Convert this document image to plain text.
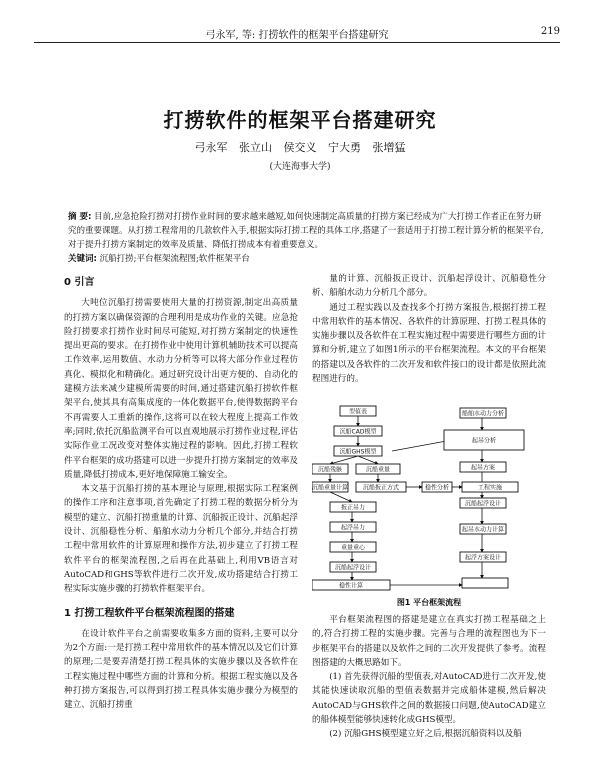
弓永军, 等: 打捞软件的框架平台搭建研究	219
打捞软件的框架平台搭建研究
弓永军 张立山 侯交义 宁大勇 张增猛
(大连海事大学)
摘 要: 目前,应急抢险打捞对打捞作业时间的要求越来越短,如何快速制定高质量的打捞方案已经成为广大打捞工作者正在努力研究的重要课题。从打捞工程常用的几款软件入手,根据实际打捞工程的具体工序,搭建了一套适用于打捞工程计算分析的框架平台,对于提升打捞方案制定的效率及质量、降低打捞成本有着重要意义。
关键词: 沉船打捞;平台框架流程图;软件框架平台
0 引言

大吨位沉船打捞需要使用大量的打捞资源,制定出高质量的打捞方案以确保资源的合理利用是成功作业的关键。应急抢险打捞要求打捞作业时间尽可能短,对打捞方案制定的快速性提出更高的要求。在打捞作业中使用计算机辅助技术可以提高工作效率,运用数值、水动力分析等可以将大部分作业过程仿真化、模拟化和精确化。通过研究设计出更方便的、自动化的建模方法来减少建模所需要的时间,通过搭建沉船打捞软件框架平台,使其具有高集成度的一体化数据平台,使得数据跨平台不再需要人工重新的操作,这将可以在较大程度上提高工作效率;同时,依托沉船监测平台可以直观地展示打捞作业过程,评估实际作业工况改变对整体实施过程的影响。因此,打捞工程软件平台框架的成功搭建可以进一步提升打捞方案制定的效率及质量,降低打捞成本,更好地保障施工输安全。

本文基于沉船打捞的基本理论与原理,根据实际工程案例的操作工序和注意事项,首先确定了打捞工程的数据分析分为模型的建立、沉船打捞重量的计算、沉船扳正设计、沉船起浮设计、沉船稳性分析、船舶水动力分析几个部分,并结合打捞工程中常用软件的计算原理和操作方法,初步建立了打捞工程软件平台的框架流程图,之后再在此基础上,利用VB语言对AutoCAD和GHS等软件进行二次开发,成功搭建结合打捞工程实际实施步骤的打捞软件框架平台。

1 打捞工程软件平台框架流程图的搭建

在设计软件平台之前需要收集多方面的资料,主要可以分为2个方面:一是打捞工程中常用软件的基本情况以及它们计算的原理;二是要弄清楚打捞工程具体的实施步骤以及各软件在工程实施过程中哪些方面的计算和分析。根据工程实施以及各种打捞方案报告,可以得到打捞工程具体实施步骤分为模型的建立、沉船打捞重

量的计算、沉船扳正设计、沉船起浮设计、沉船稳性分析、船舶水动力分析几个部分。

通过工程实践以及查找多个打捞方案报告,根据打捞工程中常用软件的基本情况、各软件的计算原理、打捞工程具体的实施步骤以及各软件在工程实施过程中需要进行哪些方面的计算和分析,建立了如图1所示的平台框架流程。本文的平台框架的搭建以及各软件的二次开发和软件接口的设计都是依照此流程图进行的。

型值表
沉船CAD模型
沉船GHS模型
沉船残骸	沉船重量
沉船重量计算 沉船扳正方式
扳正吊力
起浮吊力
重量重心
沉船起浮设计
稳性计算
船舶水动力分析
起吊分析
起吊方案
稳性分析	工程实施
沉船起浮设计
起吊水动力计算
起浮方案设计
图1 平台框架流程

平台框架流程图的搭建是建立在真实打捞工程基础之上的,符合打捞工程的实施步骤。完善与合理的流程图也为下一步框架平台的搭建以及软件之间的二次开发提供了参考。流程图搭建的大概思路如下。

(1) 首先获得沉船的型值表,对AutoCAD进行二次开发,使其能快速读取沉船的型值表数据并完成船体建模,然后解决AutoCAD与GHS软件之间的数据接口问题,使AutoCAD建立的船体模型能够快速转化成GHS模型。

(2) 沉船GHS模型建立好之后,根据沉船资料以及船
